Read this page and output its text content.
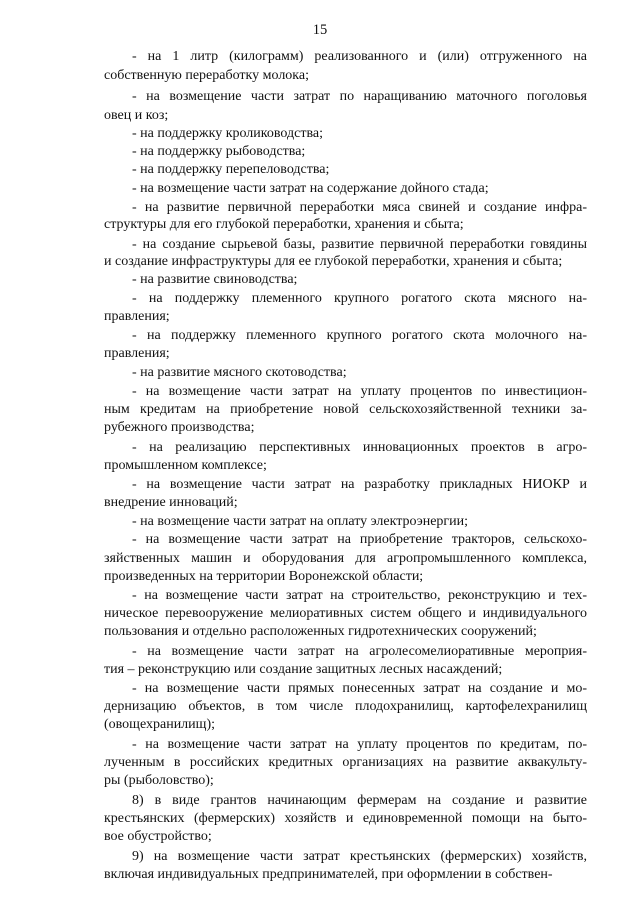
15
- на 1 литр (килограмм) реализованного и (или) отгруженного на
собственную переработку молока;
- на возмещение части затрат по наращиванию маточного поголовья
овец и коз;
- на поддержку кролиководства;
- на поддержку рыбоводства;
- на поддержку перепеловодства;
- на возмещение части затрат на содержание дойного стада;
- на развитие первичной переработки мяса свиней и создание инфра-
структуры для его глубокой переработки, хранения и сбыта;
- на создание сырьевой базы, развитие первичной переработки говядины
и создание инфраструктуры для ее глубокой переработки, хранения и сбыта;
- на развитие свиноводства;
- на поддержку племенного крупного рогатого скота мясного на-
правления;
- на поддержку племенного крупного рогатого скота молочного на-
правления;
- на развитие мясного скотоводства;
- на возмещение части затрат на уплату процентов по инвестицион-
ным кредитам на приобретение новой сельскохозяйственной техники за-
рубежного производства;
- на реализацию перспективных инновационных проектов в агро-
промышленном комплексе;
- на возмещение части затрат на разработку прикладных НИОКР и
внедрение инноваций;
- на возмещение части затрат на оплату электроэнергии;
- на возмещение части затрат на приобретение тракторов, сельскохо-
зяйственных машин и оборудования для агропромышленного комплекса,
произведенных на территории Воронежской области;
- на возмещение части затрат на строительство, реконструкцию и тех-
ническое перевооружение мелиоративных систем общего и индивидуального
пользования и отдельно расположенных гидротехнических сооружений;
- на возмещение части затрат на агролесомелиоративные мероприя-
тия – реконструкцию или создание защитных лесных насаждений;
- на возмещение части прямых понесенных затрат на создание и мо-
дернизацию объектов, в том числе плодохранилищ, картофелехранилищ
(овощехранилищ);
- на возмещение части затрат на уплату процентов по кредитам, по-
лученным в российских кредитных организациях на развитие аквакульту-
ры (рыболовство);
8) в виде грантов начинающим фермерам на создание и развитие
крестьянских (фермерских) хозяйств и единовременной помощи на быто-
вое обустройство;
9) на возмещение части затрат крестьянских (фермерских) хозяйств,
включая индивидуальных предпринимателей, при оформлении в собствен-
